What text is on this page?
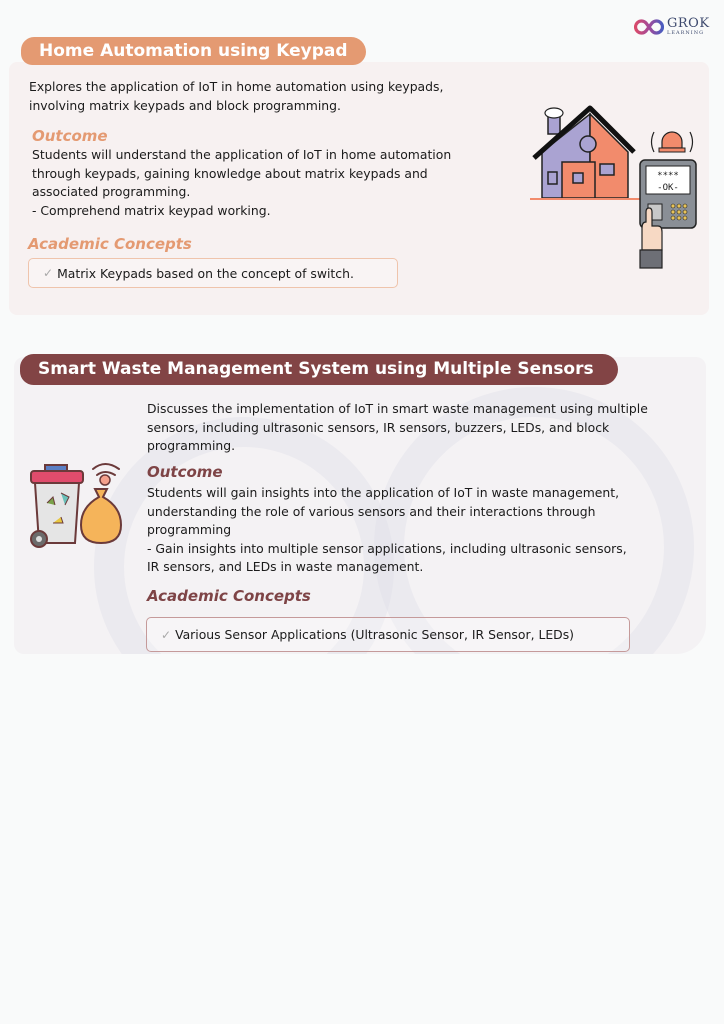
GROK
LEARNING
Home Automation using Keypad
Explores the application of IoT in home automation using keypads,
involving matrix keypads and block programming.
Outcome
Students will understand the application of IoT in home automation
through keypads, gaining knowledge about matrix keypads and
associated programming.
- Comprehend matrix keypad working.
Academic Concepts
✓ Matrix Keypads based on the concept of switch.
****
-OK-
Smart Waste Management System using Multiple Sensors
Discusses the implementation of IoT in smart waste management using multiple
sensors, including ultrasonic sensors, IR sensors, buzzers, LEDs, and block
programming.
Outcome
Students will gain insights into the application of IoT in waste management,
understanding the role of various sensors and their interactions through
programming
- Gain insights into multiple sensor applications, including ultrasonic sensors,
IR sensors, and LEDs in waste management.
Academic Concepts
✓ Various Sensor Applications (Ultrasonic Sensor, IR Sensor, LEDs)
